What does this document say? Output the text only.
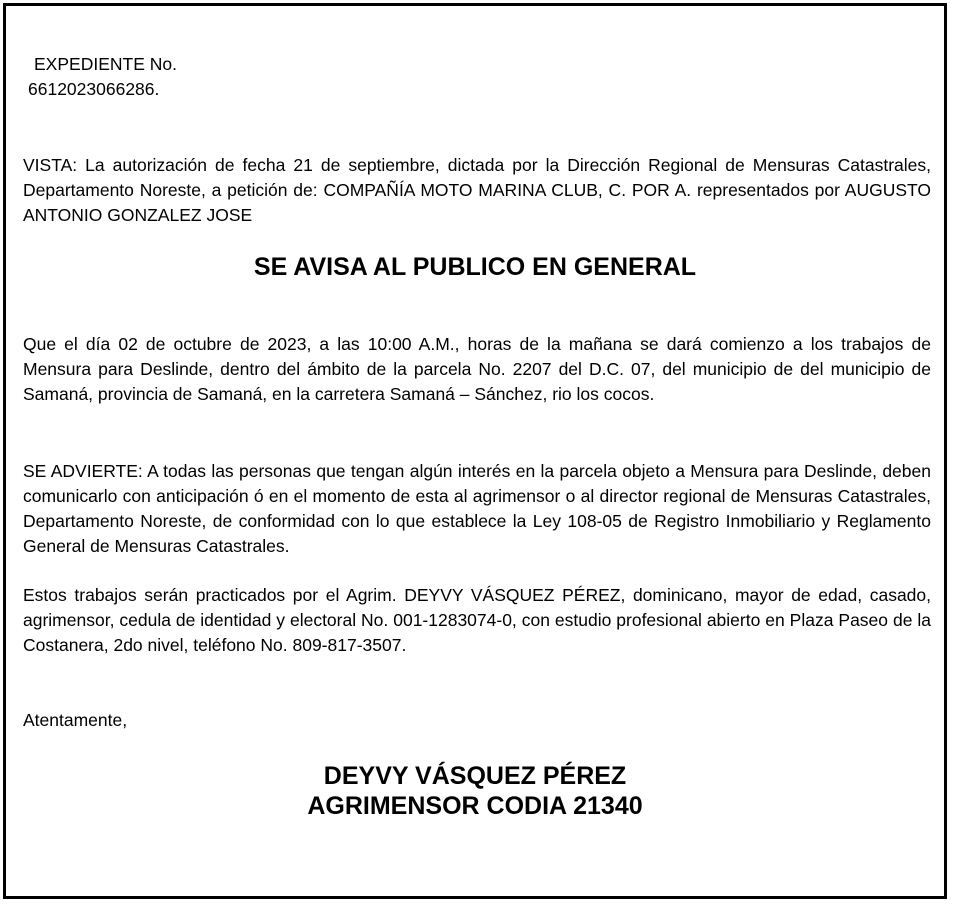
EXPEDIENTE No.

6612023066286.

VISTA: La autorización de fecha 21 de septiembre, dictada por la Dirección Regional de Mensuras Catastrales, Departamento Noreste, a petición de: COMPAÑÍA MOTO MARINA CLUB, C. POR A. representados por AUGUSTO ANTONIO GONZALEZ JOSE

SE AVISA AL PUBLICO EN GENERAL

Que el día 02 de octubre de 2023, a las 10:00 A.M., horas de la mañana se dará comienzo a los trabajos de Mensura para Deslinde, dentro del ámbito de la parcela No. 2207 del D.C. 07, del municipio de del municipio de Samaná, provincia de Samaná, en la carretera Samaná – Sánchez, rio los cocos.

SE ADVIERTE: A todas las personas que tengan algún interés en la parcela objeto a Mensura para Deslinde, deben comunicarlo con anticipación ó en el momento de esta al agrimensor o al director regional de Mensuras Catastrales, Departamento Noreste, de conformidad con lo que establece la Ley 108-05 de Registro Inmobiliario y Reglamento General de Mensuras Catastrales.

Estos trabajos serán practicados por el Agrim. DEYVY VÁSQUEZ PÉREZ, dominicano, mayor de edad, casado, agrimensor, cedula de identidad y electoral No. 001-1283074-0, con estudio profesional abierto en Plaza Paseo de la Costanera, 2do nivel, teléfono No. 809-817-3507.

Atentamente,

DEYVY VÁSQUEZ PÉREZ

AGRIMENSOR CODIA 21340
